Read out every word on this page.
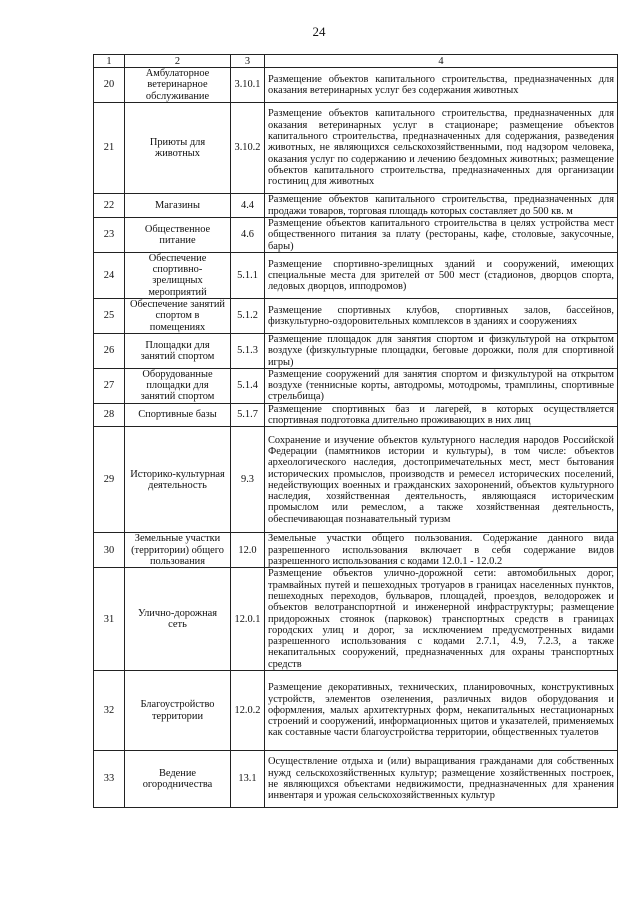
24
1	2	3	4
20	Амбулаторное ветеринарное обслуживание	3.10.1	Размещение объектов капитального строительства, предназначенных для оказания ветеринарных услуг без содержания животных
21	Приюты для животных	3.10.2	Размещение объектов капитального строительства, предназначенных для оказания ветеринарных услуг в стационаре; размещение объектов капитального строительства, предназначенных для содержания, разведения животных, не являющихся сельскохозяйственными, под надзором человека, оказания услуг по содержанию и лечению бездомных животных; размещение объектов капитального строительства, предназначенных для организации гостиниц для животных
22	Магазины	4.4	Размещение объектов капитального строительства, предназначенных для продажи товаров, торговая площадь которых составляет до 500 кв. м
23	Общественное питание	4.6	Размещение объектов капитального строительства в целях устройства мест общественного питания за плату (рестораны, кафе, столовые, закусочные, бары)
24	Обеспечение спортивно-зрелищных мероприятий	5.1.1	Размещение спортивно-зрелищных зданий и сооружений, имеющих специальные места для зрителей от 500 мест (стадионов, дворцов спорта, ледовых дворцов, ипподромов)
25	Обеспечение занятий спортом в помещениях	5.1.2	Размещение спортивных клубов, спортивных залов, бассейнов, физкультурно-оздоровительных комплексов в зданиях и сооружениях
26	Площадки для занятий спортом	5.1.3	Размещение площадок для занятия спортом и физкультурой на открытом воздухе (физкультурные площадки, беговые дорожки, поля для спортивной игры)
27	Оборудованные площадки для занятий спортом	5.1.4	Размещение сооружений для занятия спортом и физкультурой на открытом воздухе (теннисные корты, автодромы, мотодромы, трамплины, спортивные стрельбища)
28	Спортивные базы	5.1.7	Размещение спортивных баз и лагерей, в которых осуществляется спортивная подготовка длительно проживающих в них лиц
29	Историко-культурная деятельность	9.3	Сохранение и изучение объектов культурного наследия народов Российской Федерации (памятников истории и культуры), в том числе: объектов археологического наследия, достопримечательных мест, мест бытования исторических промыслов, производств и ремесел исторических поселений, недействующих военных и гражданских захоронений, объектов культурного наследия, хозяйственная деятельность, являющаяся историческим промыслом или ремеслом, а также хозяйственная деятельность, обеспечивающая познавательный туризм
30	Земельные участки (территории) общего пользования	12.0	Земельные участки общего пользования. Содержание данного вида разрешенного использования включает в себя содержание видов разрешенного использования с кодами 12.0.1 - 12.0.2
31	Улично-дорожная сеть	12.0.1	Размещение объектов улично-дорожной сети: автомобильных дорог, трамвайных путей и пешеходных тротуаров в границах населенных пунктов, пешеходных переходов, бульваров, площадей, проездов, велодорожек и объектов велотранспортной и инженерной инфраструктуры; размещение придорожных стоянок (парковок) транспортных средств в границах городских улиц и дорог, за исключением предусмотренных видами разрешенного использования с кодами 2.7.1, 4.9, 7.2.3, а также некапитальных сооружений, предназначенных для охраны транспортных средств
32	Благоустройство территории	12.0.2	Размещение декоративных, технических, планировочных, конструктивных устройств, элементов озеленения, различных видов оборудования и оформления, малых архитектурных форм, некапитальных нестационарных строений и сооружений, информационных щитов и указателей, применяемых как составные части благоустройства территории, общественных туалетов
33	Ведение огородничества	13.1	Осуществление отдыха и (или) выращивания гражданами для собственных нужд сельскохозяйственных культур; размещение хозяйственных построек, не являющихся объектами недвижимости, предназначенных для хранения инвентаря и урожая сельскохозяйственных культур
